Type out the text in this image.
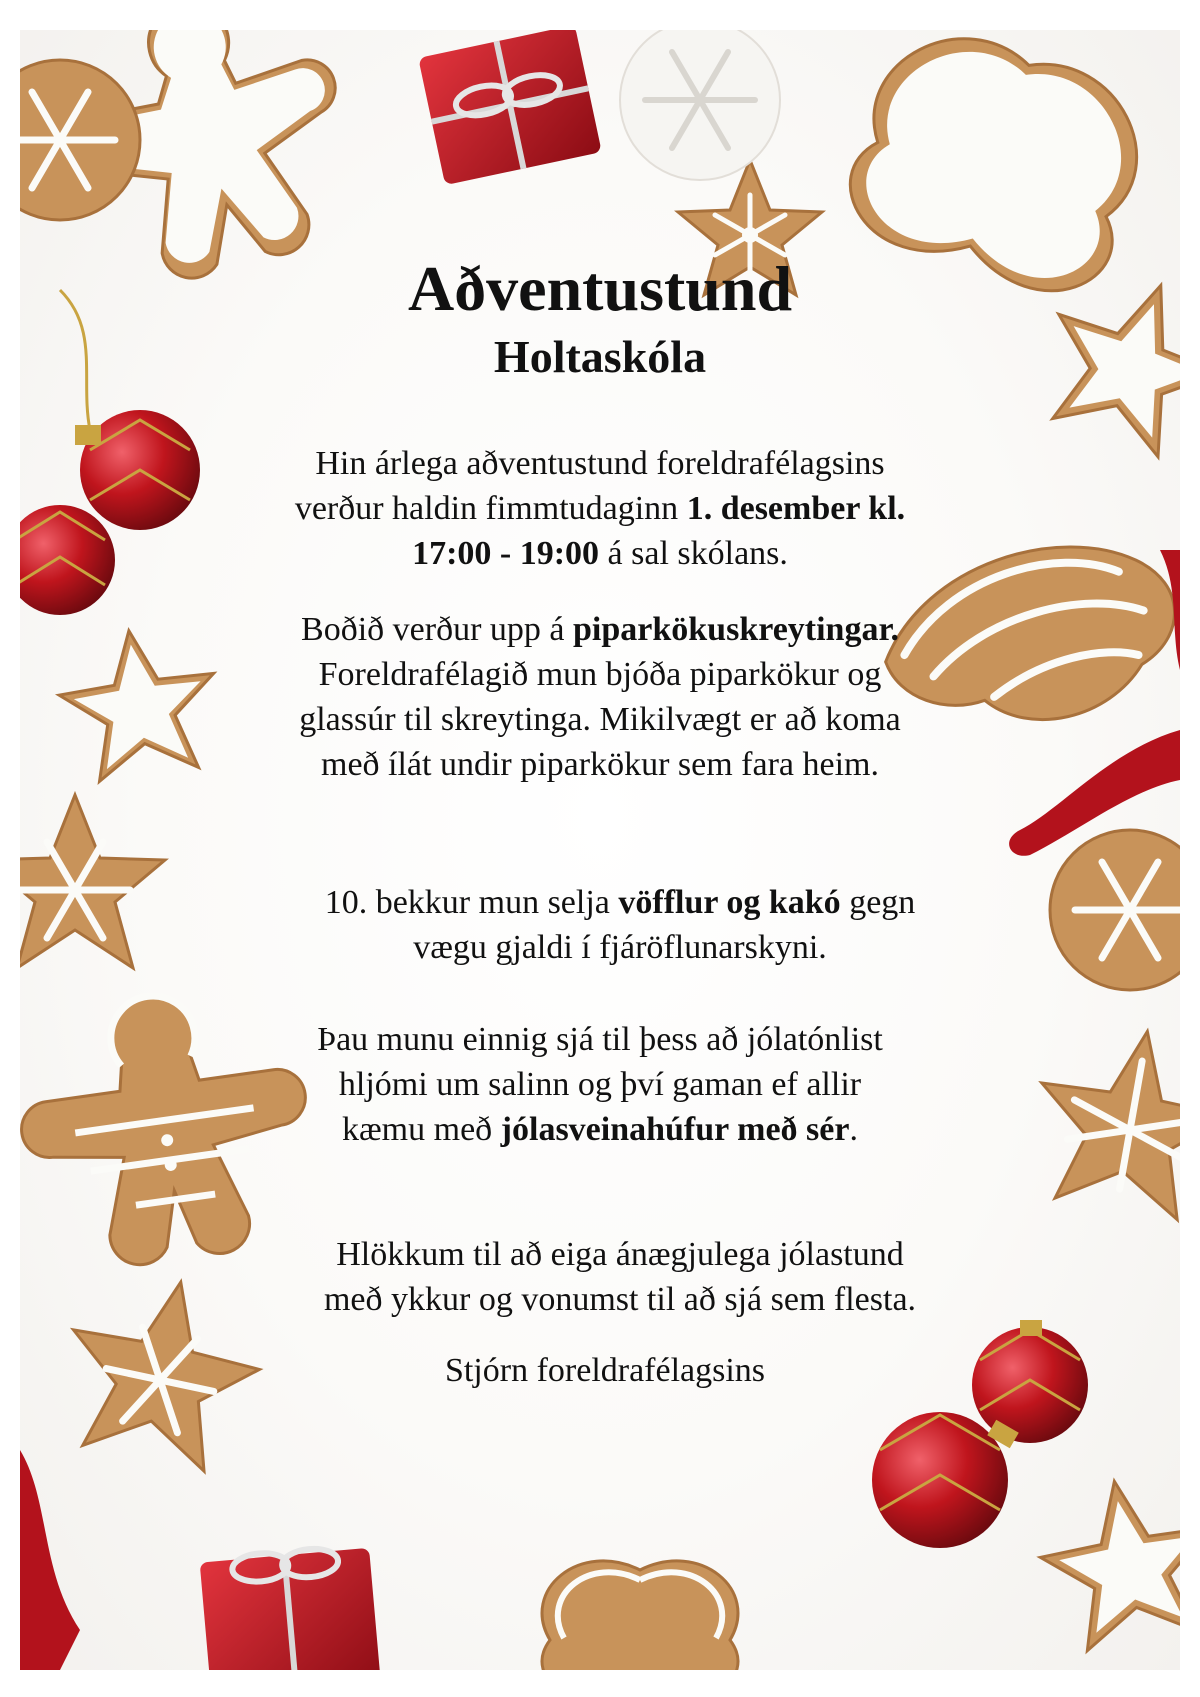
Aðventustund
Holtaskóla
Hin árlega aðventustund foreldrafélagsins
verður haldin fimmtudaginn 1. desember kl.
17:00 - 19:00 á sal skólans.
Boðið verður upp á piparkökuskreytingar.
Foreldrafélagið mun bjóða piparkökur og
glassúr til skreytinga. Mikilvægt er að koma
með ílát undir piparkökur sem fara heim.
10. bekkur mun selja vöfflur og kakó gegn
vægu gjaldi í fjáröflunarskyni.
Þau munu einnig sjá til þess að jólatónlist
hljómi um salinn og því gaman ef allir
kæmu með jólasveinahúfur með sér.
Hlökkum til að eiga ánægjulega jólastund
með ykkur og vonumst til að sjá sem flesta.
Stjórn foreldrafélagsins
